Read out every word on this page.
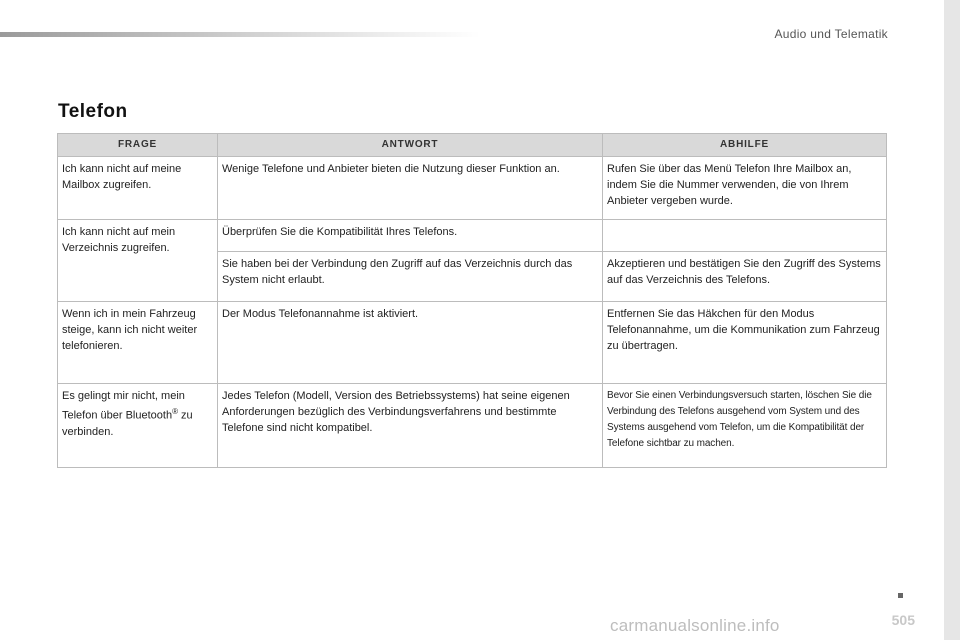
Audio und Telematik
Telefon
FRAGE	ANTWORT	ABHILFE
Ich kann nicht auf meine Mailbox zugreifen.	Wenige Telefone und Anbieter bieten die Nutzung dieser Funktion an.	Rufen Sie über das Menü Telefon Ihre Mailbox an, indem Sie die Nummer verwenden, die von Ihrem Anbieter vergeben wurde.
Ich kann nicht auf mein Verzeichnis zugreifen.	Überprüfen Sie die Kompatibilität Ihres Telefons.	
	Sie haben bei der Verbindung den Zugriff auf das Verzeichnis durch das System nicht erlaubt.	Akzeptieren und bestätigen Sie den Zugriff des Systems auf das Verzeichnis des Telefons.
Wenn ich in mein Fahrzeug steige, kann ich nicht weiter telefonieren.	Der Modus Telefonannahme ist aktiviert.	Entfernen Sie das Häkchen für den Modus Telefonannahme, um die Kommunikation zum Fahrzeug zu übertragen.
Es gelingt mir nicht, mein Telefon über Bluetooth® zu verbinden.	Jedes Telefon (Modell, Version des Betriebssystems) hat seine eigenen Anforderungen bezüglich des Verbindungsverfahrens und bestimmte Telefone sind nicht kompatibel.	Bevor Sie einen Verbindungsversuch starten, löschen Sie die Verbindung des Telefons ausgehend vom System und des Systems ausgehend vom Telefon, um die Kompatibilität der Telefone sichtbar zu machen.
505
carmanualsonline.info
